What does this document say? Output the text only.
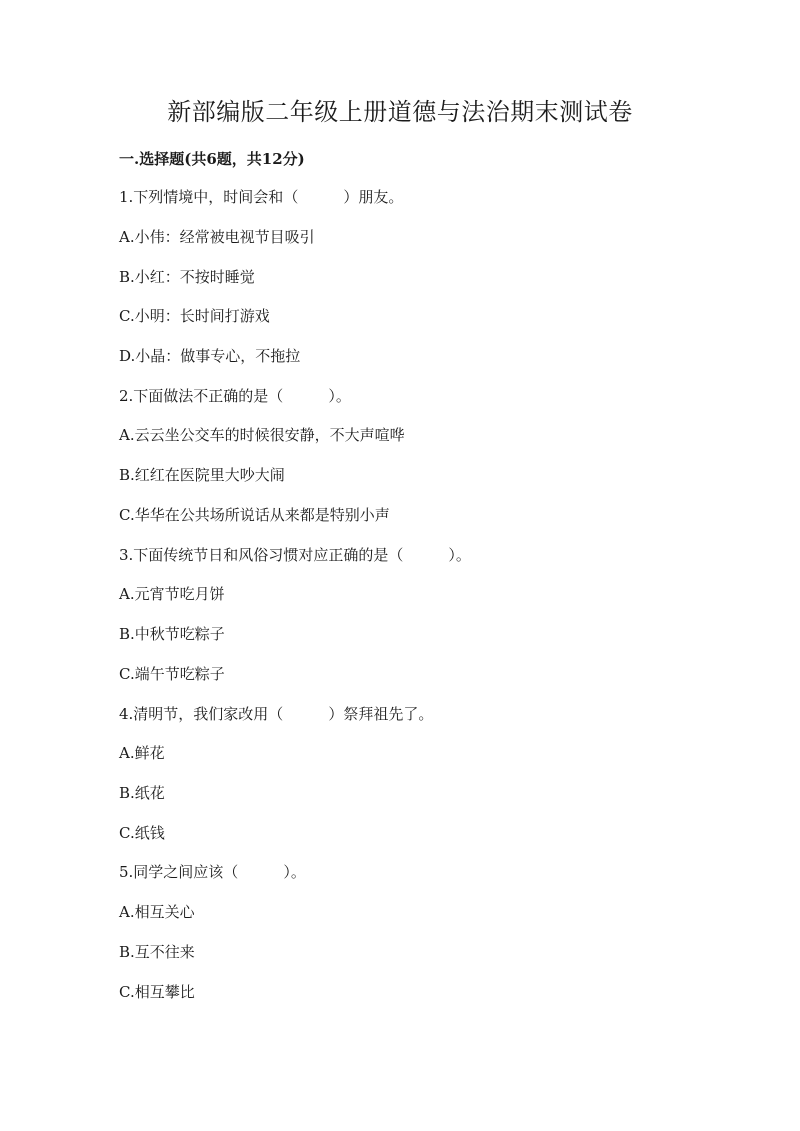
新部编版二年级上册道德与法治期末测试卷
一.选择题(共6题，共12分)
1.下列情境中，时间会和（　　　）朋友。
A.小伟：经常被电视节目吸引
B.小红：不按时睡觉
C.小明：长时间打游戏
D.小晶：做事专心，不拖拉
2.下面做法不正确的是（　　　）。
A.云云坐公交车的时候很安静，不大声喧哗
B.红红在医院里大吵大闹
C.华华在公共场所说话从来都是特别小声
3.下面传统节日和风俗习惯对应正确的是（　　　）。
A.元宵节吃月饼
B.中秋节吃粽子
C.端午节吃粽子
4.清明节，我们家改用（　　　）祭拜祖先了。
A.鲜花
B.纸花
C.纸钱
5.同学之间应该（　　　）。
A.相互关心
B.互不往来
C.相互攀比
